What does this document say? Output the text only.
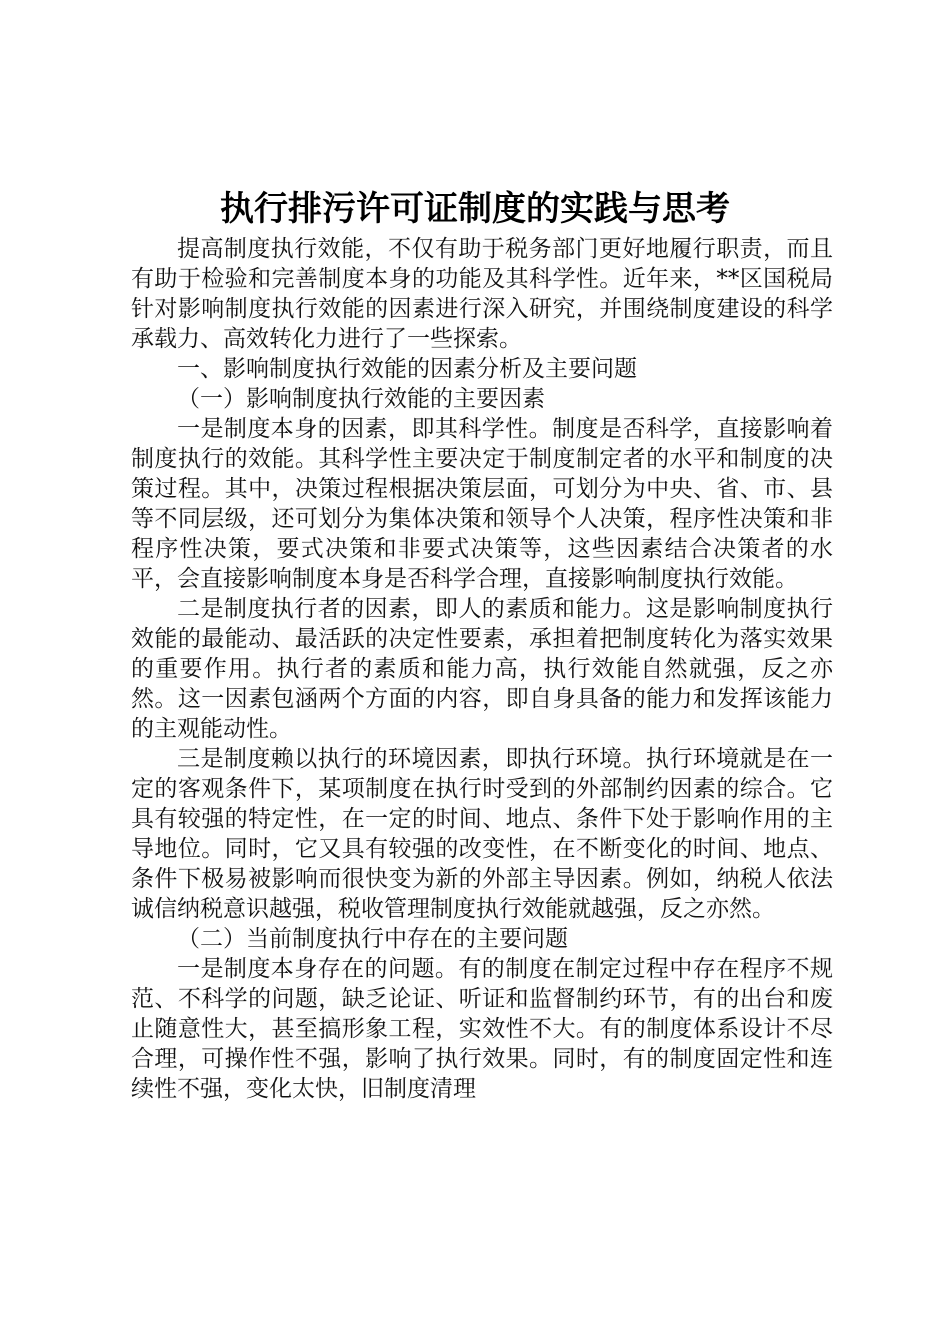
执行排污许可证制度的实践与思考

提高制度执行效能，不仅有助于税务部门更好地履行职责，而且有助于检验和完善制度本身的功能及其科学性。近年来，**区国税局针对影响制度执行效能的因素进行深入研究，并围绕制度建设的科学承载力、高效转化力进行了一些探索。

一、影响制度执行效能的因素分析及主要问题

（一）影响制度执行效能的主要因素

一是制度本身的因素，即其科学性。制度是否科学，直接影响着制度执行的效能。其科学性主要决定于制度制定者的水平和制度的决策过程。其中，决策过程根据决策层面，可划分为中央、省、市、县等不同层级，还可划分为集体决策和领导个人决策，程序性决策和非程序性决策，要式决策和非要式决策等，这些因素结合决策者的水平，会直接影响制度本身是否科学合理，直接影响制度执行效能。

二是制度执行者的因素，即人的素质和能力。这是影响制度执行效能的最能动、最活跃的决定性要素，承担着把制度转化为落实效果的重要作用。执行者的素质和能力高，执行效能自然就强，反之亦然。这一因素包涵两个方面的内容，即自身具备的能力和发挥该能力的主观能动性。

三是制度赖以执行的环境因素，即执行环境。执行环境就是在一定的客观条件下，某项制度在执行时受到的外部制约因素的综合。它具有较强的特定性，在一定的时间、地点、条件下处于影响作用的主导地位。同时，它又具有较强的改变性，在不断变化的时间、地点、条件下极易被影响而很快变为新的外部主导因素。例如，纳税人依法诚信纳税意识越强，税收管理制度执行效能就越强，反之亦然。

（二）当前制度执行中存在的主要问题

一是制度本身存在的问题。有的制度在制定过程中存在程序不规范、不科学的问题，缺乏论证、听证和监督制约环节，有的出台和废止随意性大，甚至搞形象工程，实效性不大。有的制度体系设计不尽合理，可操作性不强，影响了执行效果。同时，有的制度固定性和连续性不强，变化太快，旧制度清理
